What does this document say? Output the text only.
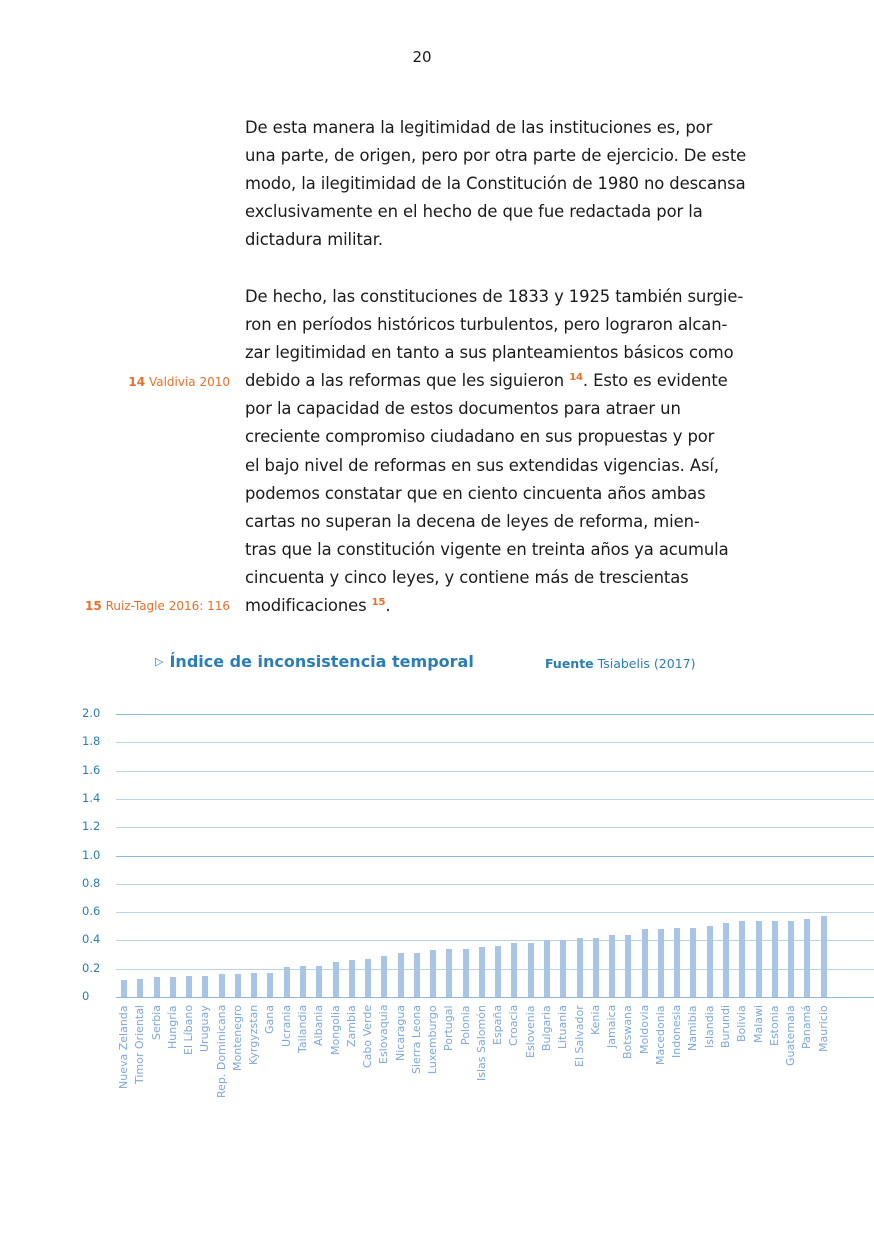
20
De esta manera la legitimidad de las instituciones es, por
una parte, de origen, pero por otra parte de ejercicio. De este
modo, la ilegitimidad de la Constitución de 1980 no descansa
exclusivamente en el hecho de que fue redactada por la
dictadura militar.
De hecho, las constituciones de 1833 y 1925 también surgie-
ron en períodos históricos turbulentos, pero lograron alcan-
zar legitimidad en tanto a sus planteamientos básicos como
debido a las reformas que les siguieron $^{14}$. Esto es evidente
por la capacidad de estos documentos para atraer un
creciente compromiso ciudadano en sus propuestas y por
el bajo nivel de reformas en sus extendidas vigencias. Así,
podemos constatar que en ciento cincuenta años ambas
cartas no superan la decena de leyes de reforma, mien-
tras que la constitución vigente en treinta años ya acumula
cincuenta y cinco leyes, y contiene más de trescientas
modificaciones $^{15}$.
14 Valdivia 2010
15 Ruiz-Tagle 2016: 116
▷ Índice de inconsistencia temporal	Fuente Tsiabelis (2017)
2.0
1.8
1.6
1.4
1.2
1.0
0.8
0.6
0.4
0.2
0
Nueva Zelanda Timor Oriental Serbia Hungría El Líbano Uruguay Rep. Dominicana Montenegro Kyrgyzstan Gana Ucrania Tailandia Albania Mongolia Zambia Cabo Verde Eslovaquia Nicaragua Sierra Leona Luxemburgo Portugal Polonia Islas Salomón España Croacia Eslovenia Bulgaria Lituania El Salvador Kenia Jamaica Botswana Moldovia Macedonia Indonesia Namibia Islandia Burundi Bolivia Malawi Estonia Guatemala Panamá Mauricio
